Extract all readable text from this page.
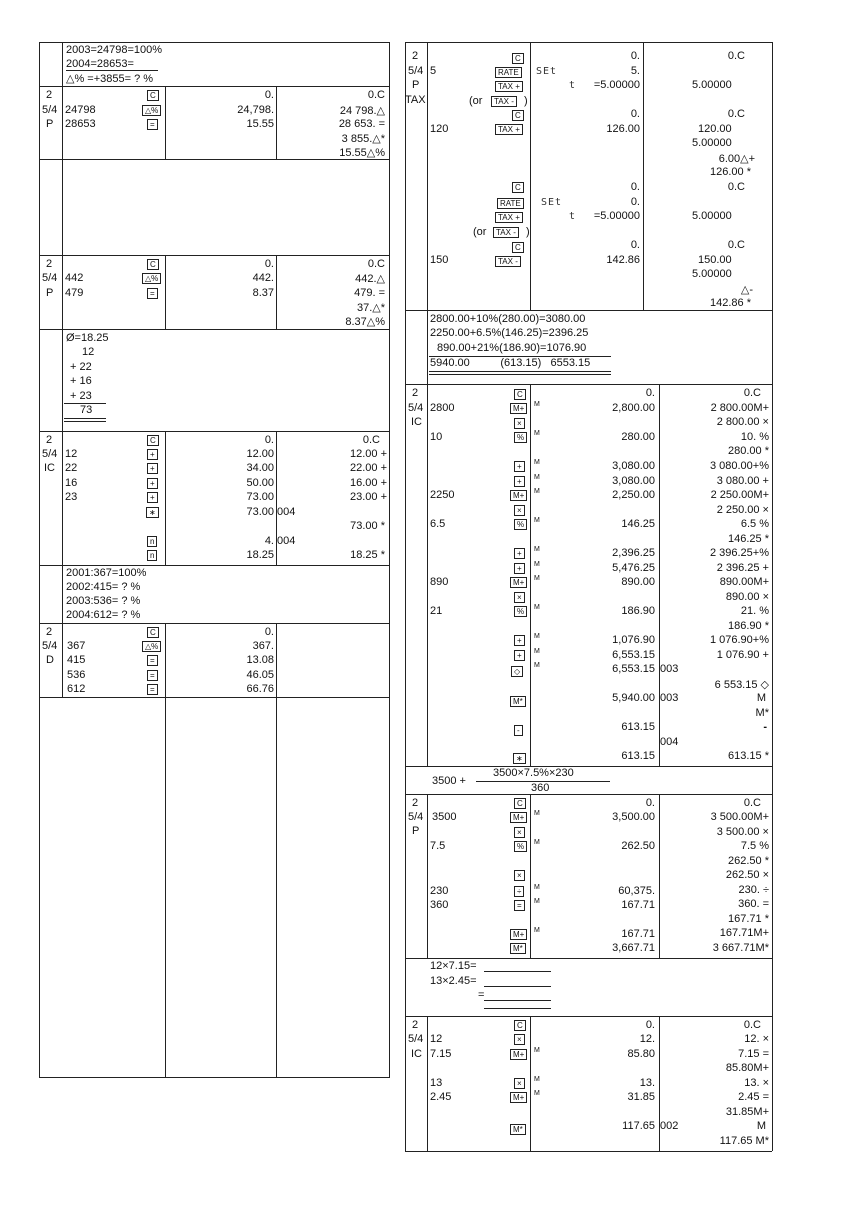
2003=24798=100%
2004=28653=
△% =+3855= ? %
2
5/4
P
24798
28653
C
△%
=
0.
24,798.
15.55
0.C
24 798.△
28 653. =
3 855.△*
15.55△%
2
5/4
P
442
479
C
△%
=
0.
442.
8.37
0.C
442.△
479. =
37.△*
8.37△%
Ø=18.25
12
+ 22
+ 16
+ 23
73
2
5/4
IC
12
22
16
23
C
+
+
+
+
∗
n
n
0.
12.00
34.00
50.00
73.00
73.00
4.
18.25
004
004
0.C
12.00 +
22.00 +
16.00 +
23.00 +
73.00 *
18.25 *
2001:367=100%
2002:415= ? %
2003:536= ? %
2004:612= ? %
2
5/4
D
367
415
536
612
C
△%
=
=
=
0.
367.
13.08
46.05
66.76
2
5/4
P
TAX
5
120
150
C
RATE
TAX +
(or	TAX - )
C
TAX +
C
RATE
TAX +
(or	TAX - )
C
TAX -
SEt
t
SEt
t
0.
5.
=5.00000
0.
126.00
0.
0.
=5.00000
0.
142.86
0.C
5.00000
0.C
120.00
5.00000
6.00△+
126.00 *
0.C
5.00000
0.C
150.00
5.00000
△-
142.86 *
2800.00+10%(280.00)=3080.00
2250.00+6.5%(146.25)=2396.25
890.00+21%(186.90)=1076.90
5940.00          (613.15)   6553.15
2
5/4
IC
2800
10
2250
6.5
890
21
C
M+
×
%
+
+
M+
×
%
+
+
M+
×
%
+
+
◇
M*
-
∗
M
M
M
M
M
M
M
M
M
M
M
M
M
0.
2,800.00
280.00
3,080.00
3,080.00
2,250.00
146.25
2,396.25
5,476.25
890.00
186.90
1,076.90
6,553.15
6,553.15
5,940.00
613.15
613.15
003
003
004
0.C
2 800.00M+
2 800.00 ×
10. %
280.00 *
3 080.00+%
3 080.00 +
2 250.00M+
2 250.00 ×
6.5 %
146.25 *
2 396.25+%
2 396.25 +
890.00M+
890.00 ×
21. %
186.90 *
1 076.90+%
1 076.90 +
6 553.15 ◇
M
M*
-
613.15 *
3500 +
3500×7.5%×230
360
2
5/4
P
3500
7.5
230
360
C
M+
×
%
×
÷
=
M+
M*
M
M
M
M
M
0.
3,500.00
262.50
60,375.
167.71
167.71
3,667.71
0.C
3 500.00M+
3 500.00 ×
7.5 %
262.50 *
262.50 ×
230. ÷
360. =
167.71 *
167.71M+
3 667.71M*
12×7.15=
13×2.45=
=
2
5/4
IC
12
7.15
13
2.45
C
×
M+
×
M+
M*
M
M
M
0.
12.
85.80
13.
31.85
117.65 002
0.C
12. ×
7.15 =
85.80M+
13. ×
2.45 =
31.85M+
M
117.65 M*
